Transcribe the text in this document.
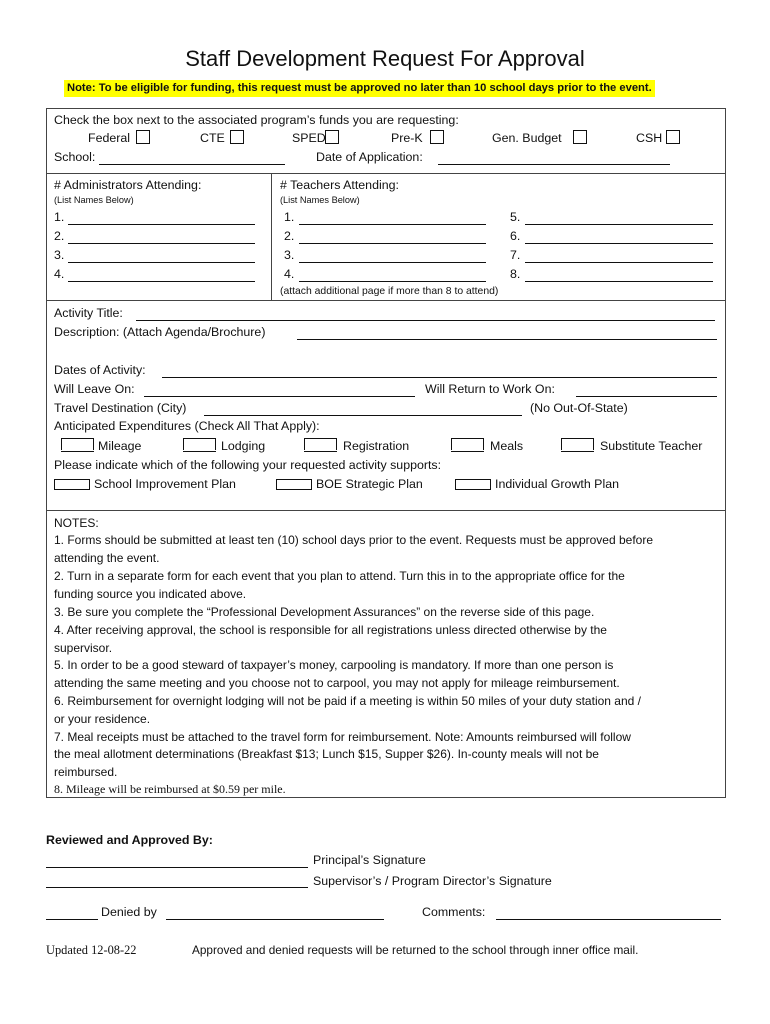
Staff Development Request For Approval
Note: To be eligible for funding, this request must be approved no later than 10 school days prior to the event.
Check the box next to the associated program’s funds you are requesting:
Federal	CTE	SPED	Pre-K	Gen. Budget	CSH
School:	Date of Application:
# Administrators Attending:
(List Names Below)
# Teachers Attending:
(List Names Below)
1.
2.
3.
4.
1.
2.
3.
4.
5.
6.
7.
8.
(attach additional page if more than 8 to attend)
Activity Title:
Description: (Attach Agenda/Brochure)
Dates of Activity:
Will Leave On:	Will Return to Work On:
Travel Destination (City)	(No Out-Of-State)
Anticipated Expenditures (Check All That Apply):
Mileage	Lodging	Registration	Meals	Substitute Teacher
Please indicate which of the following your requested activity supports:
School Improvement Plan	BOE Strategic Plan	Individual Growth Plan
NOTES:
1. Forms should be submitted at least ten (10) school days prior to the event. Requests must be approved before
attending the event.
2. Turn in a separate form for each event that you plan to attend. Turn this in to the appropriate office for the
funding source you indicated above.
3. Be sure you complete the “Professional Development Assurances” on the reverse side of this page.
4. After receiving approval, the school is responsible for all registrations unless directed otherwise by the
supervisor.
5. In order to be a good steward of taxpayer’s money, carpooling is mandatory. If more than one person is
attending the same meeting and you choose not to carpool, you may not apply for mileage reimbursement.
6. Reimbursement for overnight lodging will not be paid if a meeting is within 50 miles of your duty station and /
or your residence.
7. Meal receipts must be attached to the travel form for reimbursement. Note: Amounts reimbursed will follow
the meal allotment determinations (Breakfast $13; Lunch $15, Supper $26). In-county meals will not be
reimbursed.
8. Mileage will be reimbursed at $0.59 per mile.
Reviewed and Approved By:
Principal’s Signature
Supervisor’s / Program Director’s Signature
Denied by	Comments:
Updated 12-08-22	Approved and denied requests will be returned to the school through inner office mail.
